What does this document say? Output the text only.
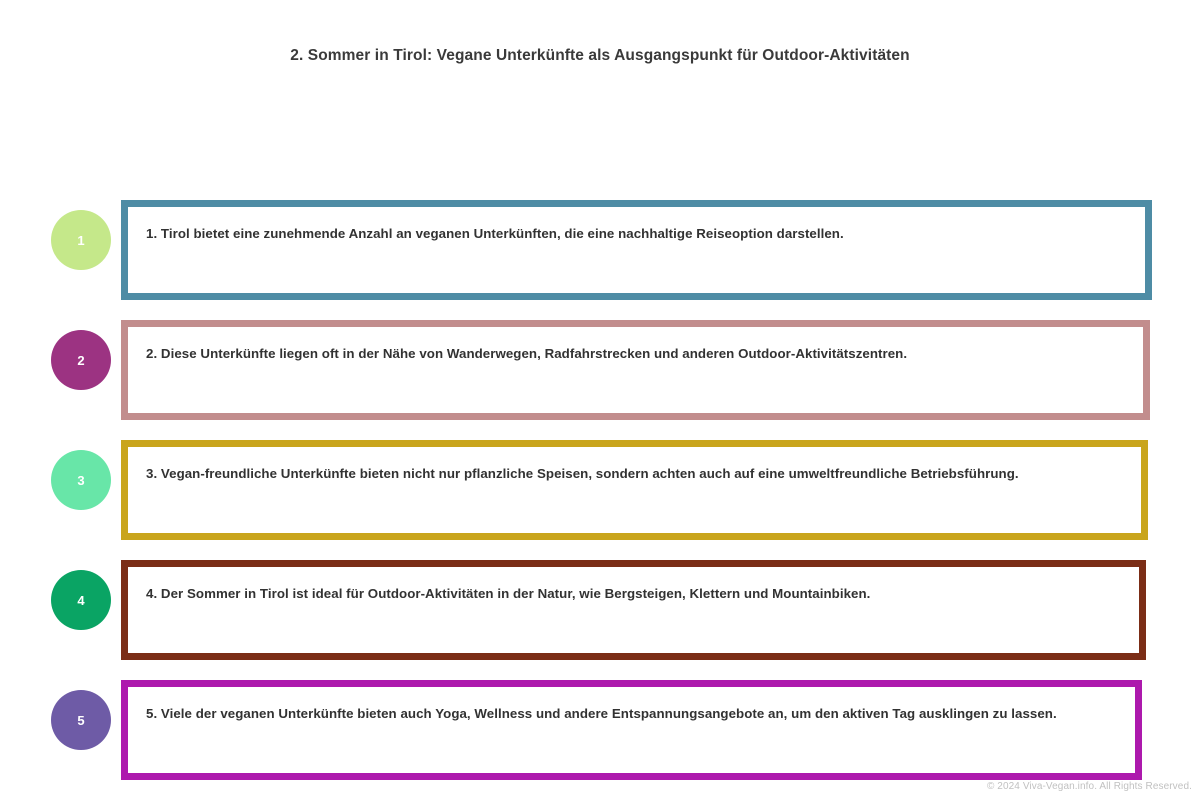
2. Sommer in Tirol: Vegane Unterkünfte als Ausgangspunkt für Outdoor-Aktivitäten
1	1. Tirol bietet eine zunehmende Anzahl an veganen Unterkünften, die eine nachhaltige Reiseoption darstellen.
2	2. Diese Unterkünfte liegen oft in der Nähe von Wanderwegen, Radfahrstrecken und anderen Outdoor-Aktivitätszentren.
3	3. Vegan-freundliche Unterkünfte bieten nicht nur pflanzliche Speisen, sondern achten auch auf eine umweltfreundliche Betriebsführung.
4	4. Der Sommer in Tirol ist ideal für Outdoor-Aktivitäten in der Natur, wie Bergsteigen, Klettern und Mountainbiken.
5	5. Viele der veganen Unterkünfte bieten auch Yoga, Wellness und andere Entspannungsangebote an, um den aktiven Tag ausklingen zu lassen.
© 2024 Viva-Vegan.info. All Rights Reserved.
